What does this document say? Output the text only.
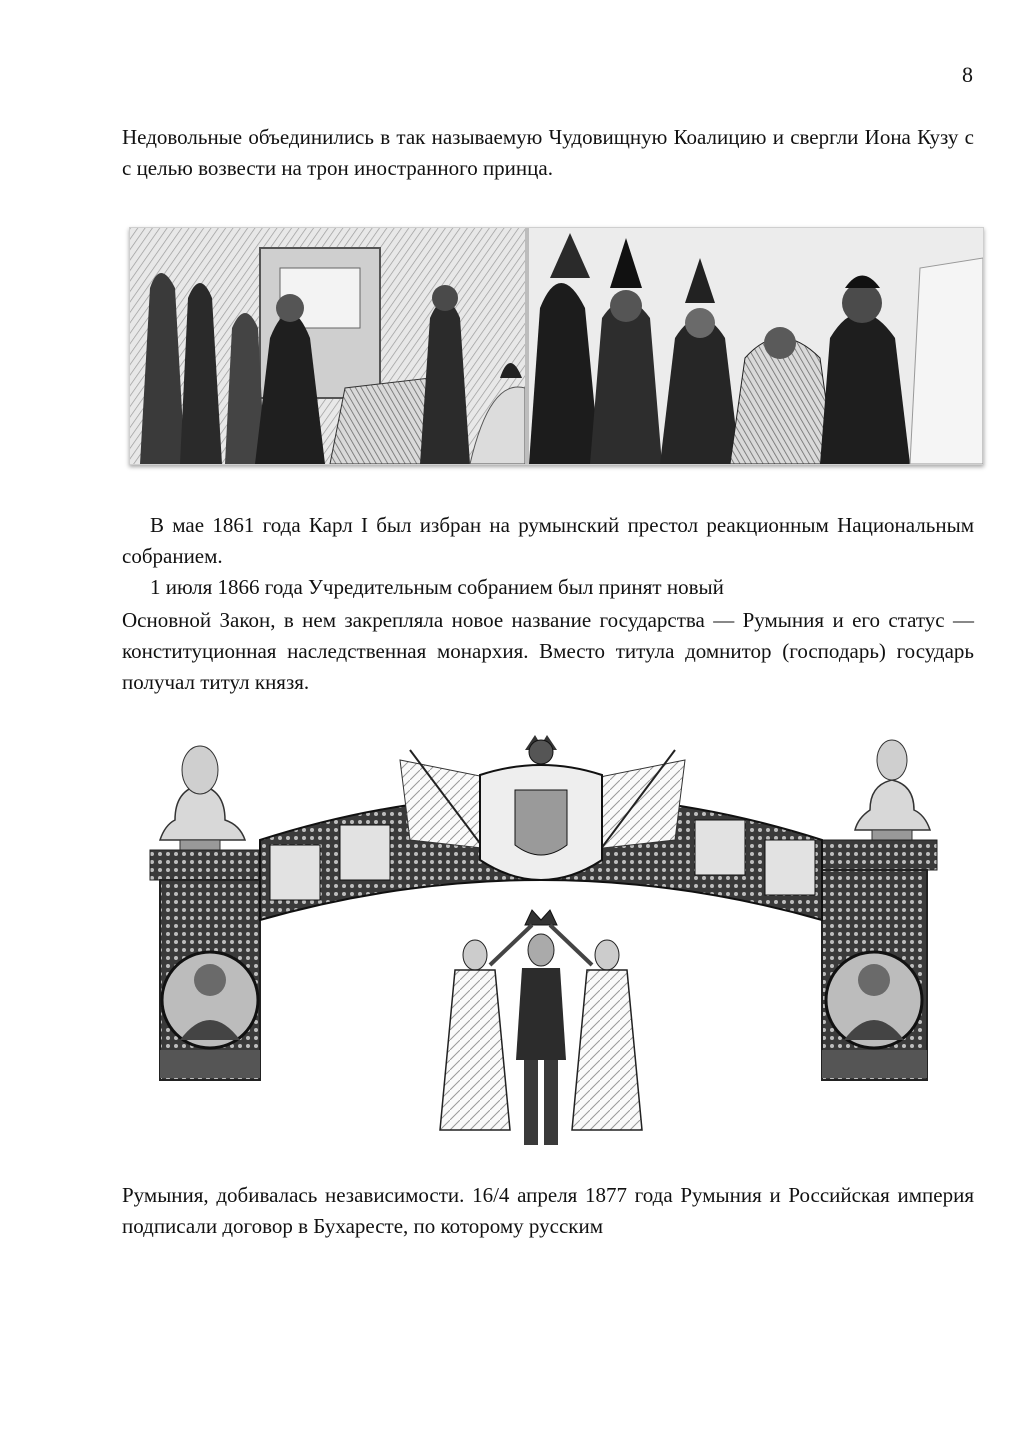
8

Недовольные объединились в так называемую Чудовищную Коалицию и свергли Иона Кузу с с целью возвести на трон иностранного принца.

В мае 1861 года Карл I был избран на румынский престол реакционным Национальным собранием.

1 июля 1866 года Учредительным собранием был принят новый

Основной Закон, в нем закрепляла новое название государства — Румыния и его статус — конституционная наследственная монархия. Вместо титула домнитор (господарь) государь получал титул князя.

Румыния, добивалась независимости. 16/4 апреля 1877 года Румыния и Российская империя подписали договор в Бухаресте, по которому русским
